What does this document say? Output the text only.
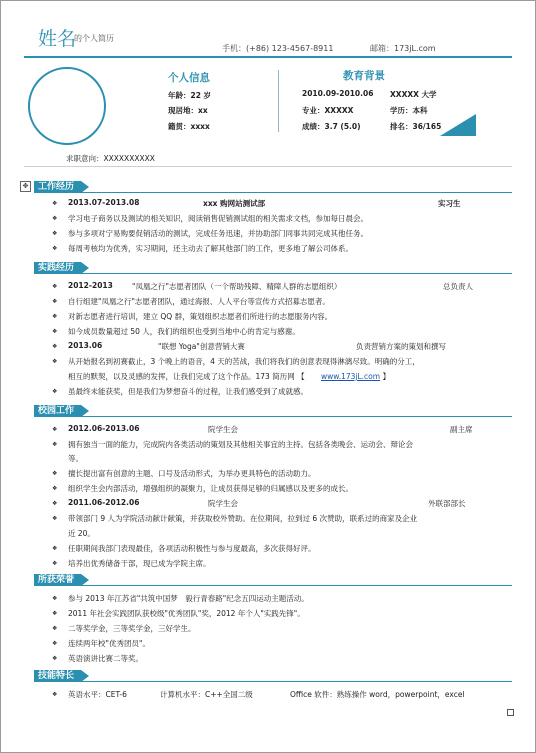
姓名
的个人简历
手机：(+86) 123-4567-8911	邮箱：173jL.com
个人信息
年龄：22 岁
现居地：xx
籍贯：xxxx
教育背景
2010.09-2010.06 XXXXX 大学
专业：XXXXX	学历：本科
成绩：3.7 (5.0)	排名：36/165
求职意向：XXXXXXXXXX
✥	工作经历
❖ 2013.07-2013.08	xxx 购网站测试部	实习生
❖ 学习电子商务以及测试的相关知识，阅读销售促销测试组的相关需求文档，参加每日晨会。
❖ 参与多项对宁易购要促销活动的测试，完成任务迅速，并协助部门同事共同完成其他任务。
❖ 每周考核均为优秀，实习期间，还主动去了解其他部门的工作，更多地了解公司体系。
实践经历
❖ 2012-2013	"凤凰之行"志愿者团队（一个帮助残障、精障人群的志愿组织）	总负责人
❖ 自行组建"凤凰之行"志愿者团队，通过海报、人人平台等宣传方式招募志愿者。
❖ 对新志愿者进行培训，建立 QQ 群，策划组织志愿者们所进行的志愿服务内容。
❖ 如今成员数量超过 50 人，我们的组织也受到当地中心的肯定与感谢。
❖ 2013.06	"联想 Yoga"创意营销大赛	负责营销方案的策划和撰写
❖ 从开始报名到初赛截止，3 个晚上的语音，4 天的苦战，我们将我们的创意表现得淋漓尽致。明确的分工，
相互的默契，以及灵感的发挥，让我们完成了这个作品。173 简历网 【 www.173jL.com 】
❖ 虽最终未能获奖，但是我们为梦想奋斗的过程，让我们感受到了成就感。
校园工作
❖ 2012.06-2013.06	院学生会	副主席
❖ 拥有独当一面的能力，完成院内各类活动的策划及其他相关事宜的主持。包括各类晚会、运动会、辩论会
等。
❖ 擅长提出富有创意的主题、口号及活动形式，为举办更具特色的活动助力。
❖ 组织学生会内部活动，增强组织的凝聚力，让成员获得足够的归属感以及更多的成长。
❖ 2011.06-2012.06	院学生会	外联部部长
❖ 带领部门 9 人为学院活动献计献策，并获取校外赞助。在位期间，拉到过 6 次赞助，联系过的商家及企业
近 20。
❖ 任职期间我部门表现最佳，各项活动积极性与参与度最高，多次获得好评。
❖ 培养出优秀储备干部，现已成为学院主席。
所获荣誉
❖ 参与 2013 年江苏省"共筑中国梦　毅行青春路"纪念五四运动主题活动。
❖ 2011 年社会实践团队获校级"优秀团队"奖，2012 年个人"实践先锋"。
❖ 二等奖学金，三等奖学金，三好学生。
❖ 连续两年校"优秀团员"。
❖ 英语演讲比赛二等奖。
技能特长
❖ 英语水平：CET-6	计算机水平：C++全国二级	Office 软件：熟练操作 word，powerpoint，excel
